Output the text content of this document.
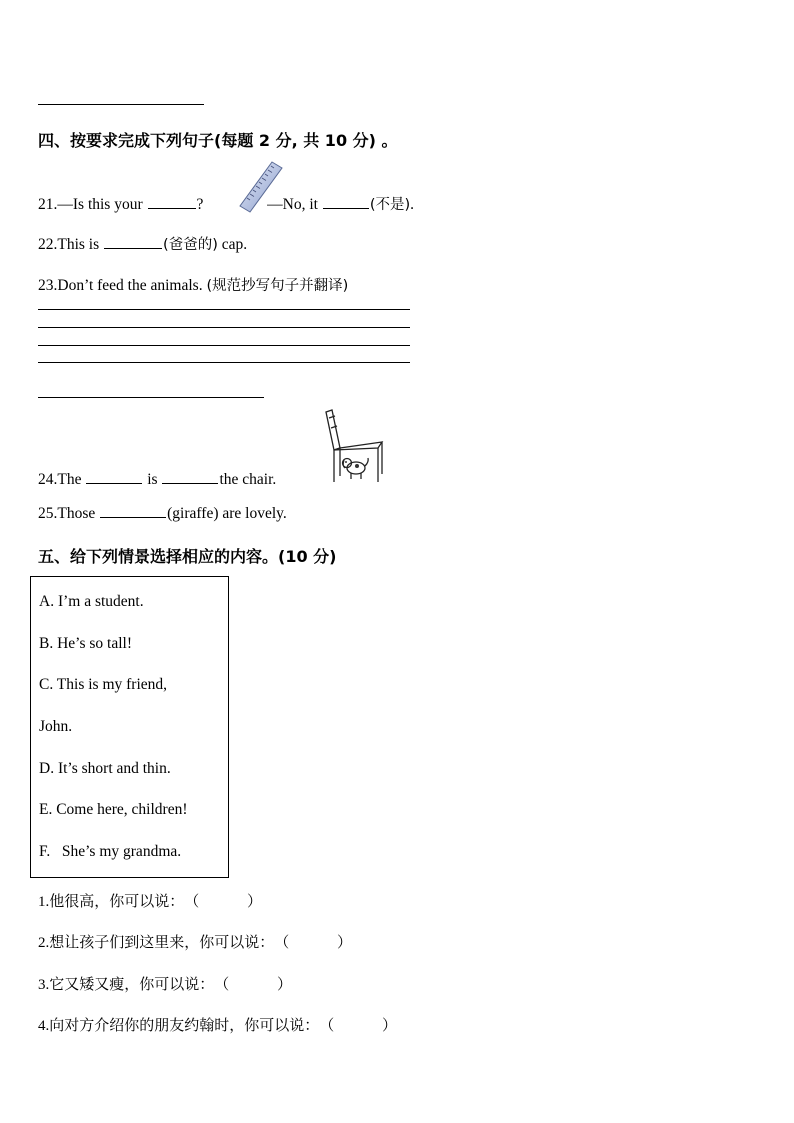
四、按要求完成下列句子(每题 2 分, 共 10 分) 。
21.—Is this your	?	—No, it	(不是).
22.This is	(爸爸的) cap.
23.Don’t feed the animals. (规范抄写句子并翻译)
24.The	is	the chair.
25.Those	(giraffe) are lovely.
五、给下列情景选择相应的内容。(10 分)
A. I’m a student.
B. He’s so tall!
C. This is my friend,
John.
D. It’s short and thin.
E. Come here, children!
F.   She’s my grandma.
1.他很高，你可以说：（          ）
2.想让孩子们到这里来，你可以说：（          ）
3.它又矮又瘦，你可以说：（          ）
4.向对方介绍你的朋友约翰时，你可以说：（          ）
